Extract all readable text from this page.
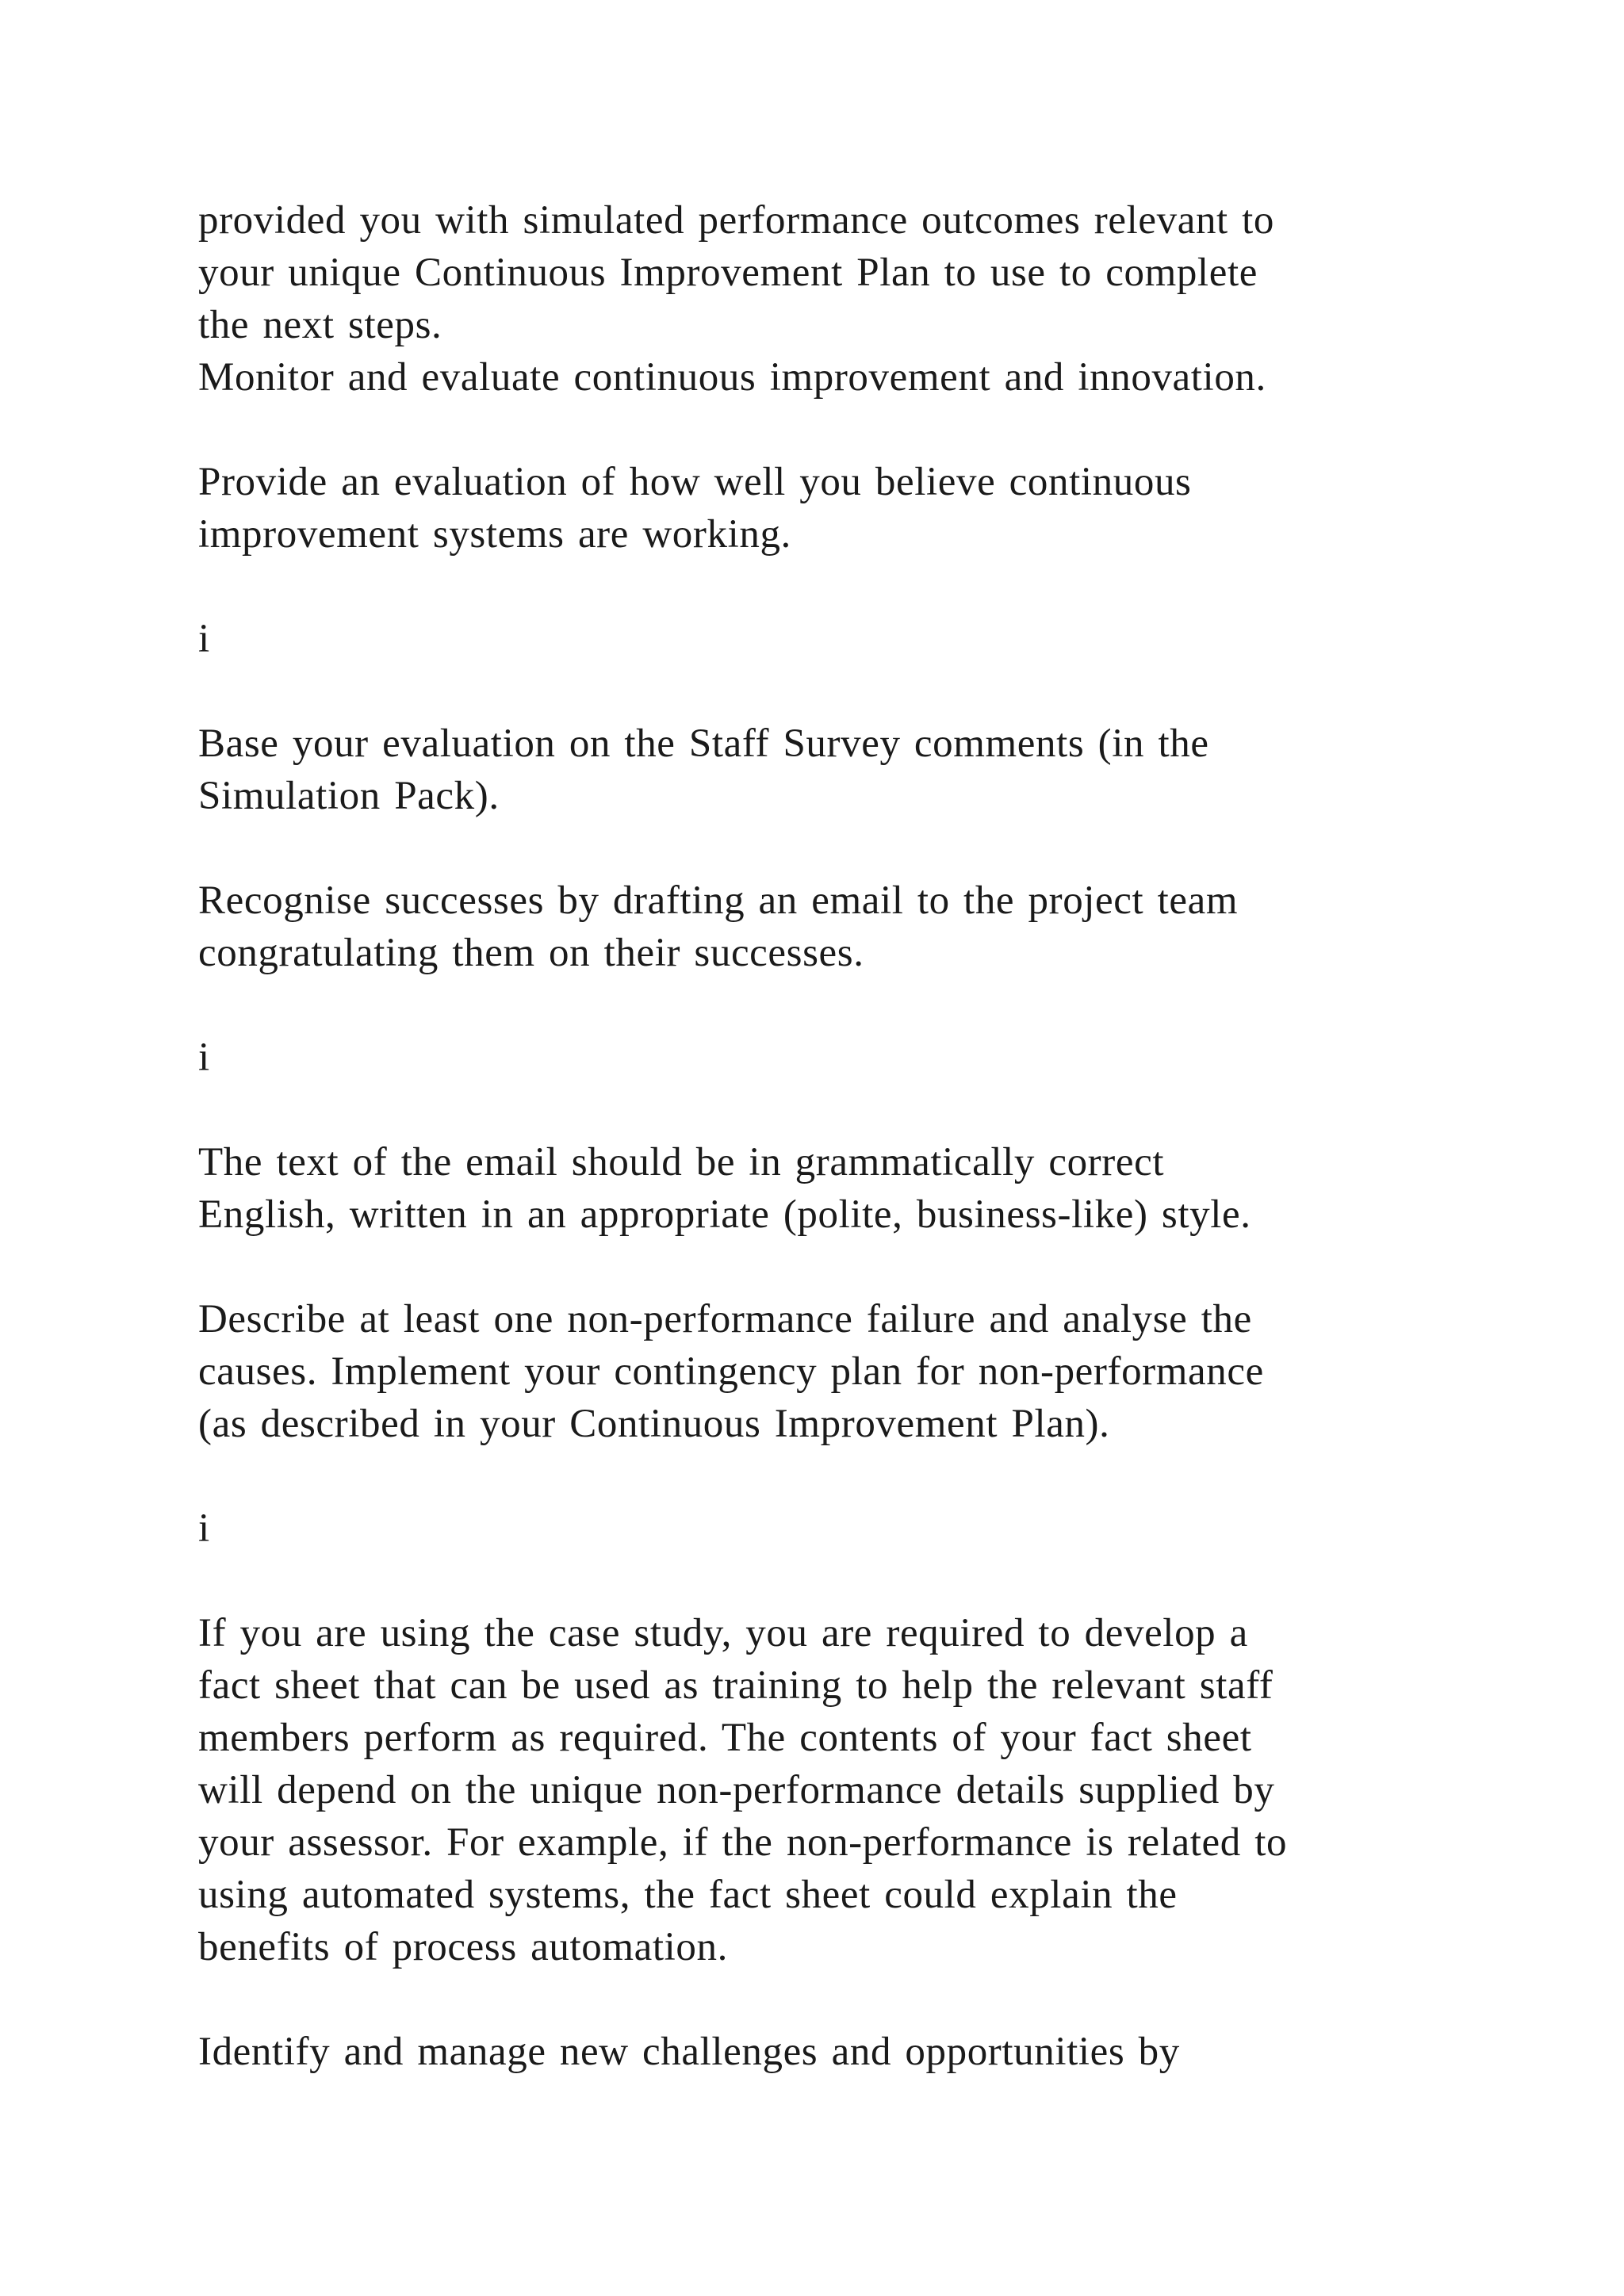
provided you with simulated performance outcomes relevant to
your unique Continuous Improvement Plan to use to complete
the next steps.
Monitor and evaluate continuous improvement and innovation.
Provide an evaluation of how well you believe continuous
improvement systems are working.
i
Base your evaluation on the Staff Survey comments (in the
Simulation Pack).
Recognise successes by drafting an email to the project team
congratulating them on their successes.
i
The text of the email should be in grammatically correct
English, written in an appropriate (polite, business-like) style.
Describe at least one non-performance failure and analyse the
causes. Implement your contingency plan for non-performance
(as described in your Continuous Improvement Plan).
i
If you are using the case study, you are required to develop a
fact sheet that can be used as training to help the relevant staff
members perform as required. The contents of your fact sheet
will depend on the unique non-performance details supplied by
your assessor. For example, if the non-performance is related to
using automated systems, the fact sheet could explain the
benefits of process automation.
Identify and manage new challenges and opportunities by
